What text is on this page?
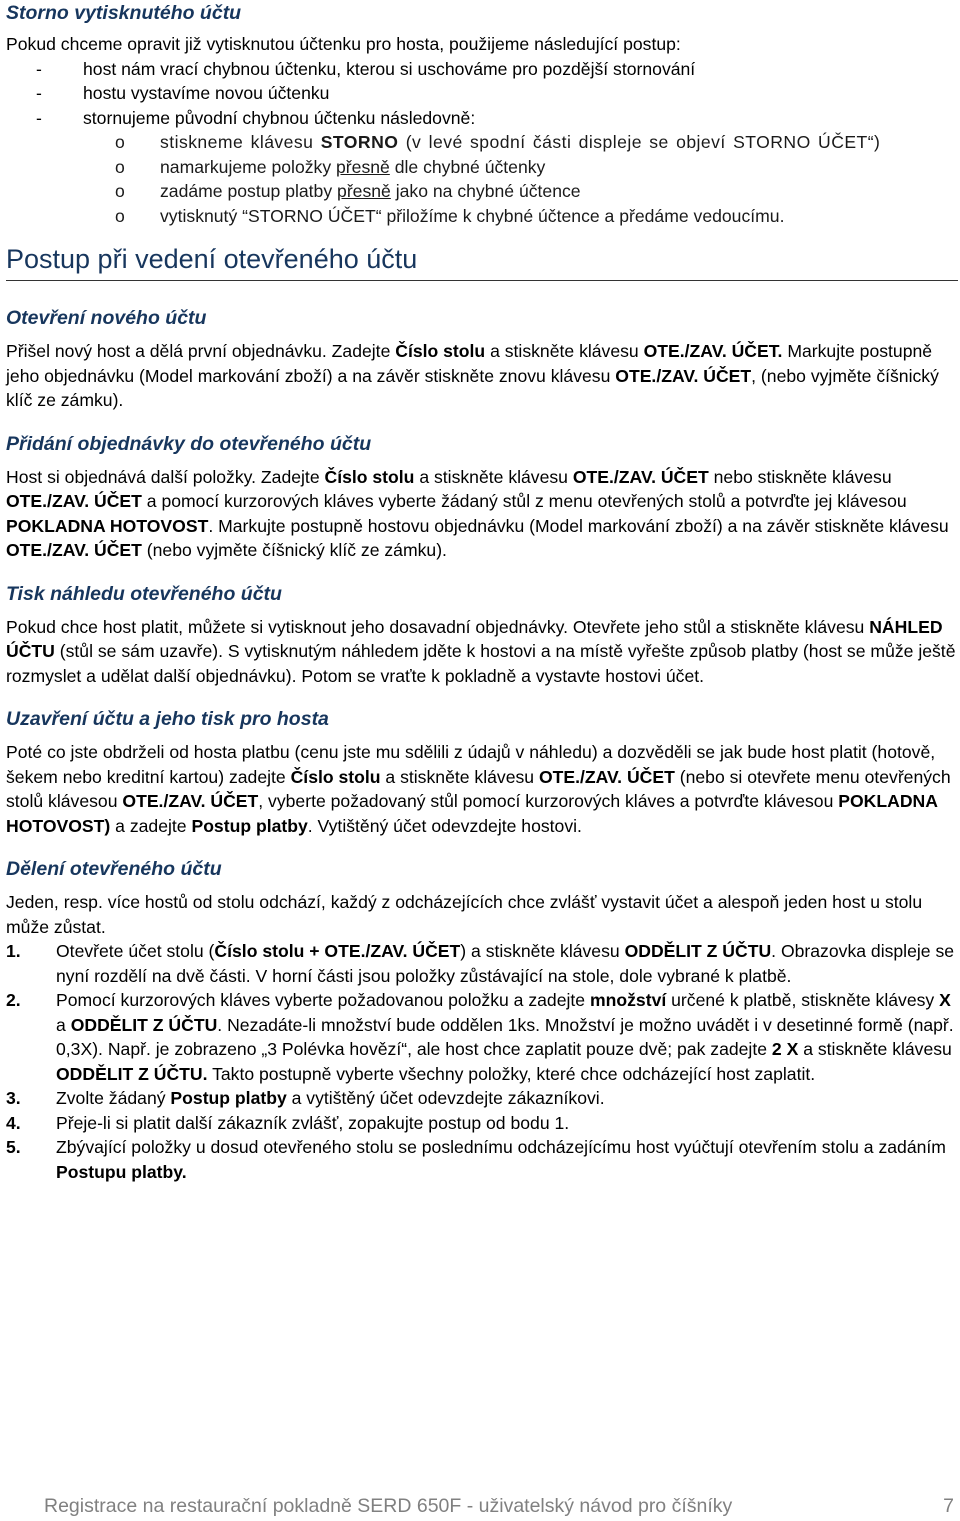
Storno vytisknutého účtu

Pokud chceme opravit již vytisknutou účtenku pro hosta, použijeme následující postup:

- host nám vrací chybnou účtenku, kterou si uschováme pro pozdější stornování
- hostu vystavíme novou účtenku
- stornujeme původní chybnou účtenku následovně:
o stiskneme klávesu STORNO (v levé spodní části displeje se objeví STORNO ÚČET“)
o namarkujeme položky přesně dle chybné účtenky
o zadáme postup platby přesně jako na chybné účtence
o vytisknutý “STORNO ÚČET“ přiložíme k chybné účtence a předáme vedoucímu.
Postup při vedení otevřeného účtu
Otevření nového účtu

Přišel nový host a dělá první objednávku. Zadejte Číslo stolu a stiskněte klávesu OTE./ZAV. ÚČET. Markujte postupně jeho objednávku (Model markování zboží) a na závěr stiskněte znovu klávesu OTE./ZAV. ÚČET, (nebo vyjměte číšnický klíč ze zámku).

Přidání objednávky do otevřeného účtu

Host si objednává další položky. Zadejte Číslo stolu a stiskněte klávesu OTE./ZAV. ÚČET nebo stiskněte klávesu OTE./ZAV. ÚČET a pomocí kurzorových kláves vyberte žádaný stůl z menu otevřených stolů a potvrďte jej klávesou POKLADNA HOTOVOST. Markujte postupně hostovu objednávku (Model markování zboží) a na závěr stiskněte klávesu OTE./ZAV. ÚČET (nebo vyjměte číšnický klíč ze zámku).

Tisk náhledu otevřeného účtu

Pokud chce host platit, můžete si vytisknout jeho dosavadní objednávky. Otevřete jeho stůl a stiskněte klávesu NÁHLED ÚČTU (stůl se sám uzavře). S vytisknutým náhledem jděte k hostovi a na místě vyřešte způsob platby (host se může ještě rozmyslet a udělat další objednávku). Potom se vraťte k pokladně a vystavte hostovi účet.

Uzavření účtu a jeho tisk pro hosta

Poté co jste obdrželi od hosta platbu (cenu jste mu sdělili z údajů v náhledu) a dozvěděli se jak bude host platit (hotově, šekem nebo kreditní kartou) zadejte Číslo stolu a stiskněte klávesu OTE./ZAV. ÚČET (nebo si otevřete menu otevřených stolů klávesou OTE./ZAV. ÚČET, vyberte požadovaný stůl pomocí kurzorových kláves a potvrďte klávesou POKLADNA HOTOVOST) a zadejte Postup platby. Vytištěný účet odevzdejte hostovi.

Dělení otevřeného účtu

Jeden, resp. více hostů od stolu odchází, každý z odcházejících chce zvlášť vystavit účet a alespoň jeden host u stolu může zůstat.

1. Otevřete účet stolu (Číslo stolu + OTE./ZAV. ÚČET) a stiskněte klávesu ODDĚLIT Z ÚČTU. Obrazovka displeje se nyní rozdělí na dvě části. V horní části jsou položky zůstávající na stole, dole vybrané k platbě.
2. Pomocí kurzorových kláves vyberte požadovanou položku a zadejte množství určené k platbě, stiskněte klávesy X a ODDĚLIT Z ÚČTU. Nezadáte-li množství bude oddělen 1ks. Množství je možno uvádět i v desetinné formě (např. 0,3X). Např. je zobrazeno „3 Polévka hovězí“, ale host chce zaplatit pouze dvě; pak zadejte 2 X a stiskněte klávesu ODDĚLIT Z ÚČTU. Takto postupně vyberte všechny položky, které chce odcházející host zaplatit.
3. Zvolte žádaný Postup platby a vytištěný účet odevzdejte zákazníkovi.
4. Přeje-li si platit další zákazník zvlášť, zopakujte postup od bodu 1.
5. Zbývající položky u dosud otevřeného stolu se poslednímu odcházejícímu host vyúčtují otevřením stolu a zadáním Postupu platby.
Registrace na restaurační pokladně SERD 650F - uživatelský návod pro číšníky	7
